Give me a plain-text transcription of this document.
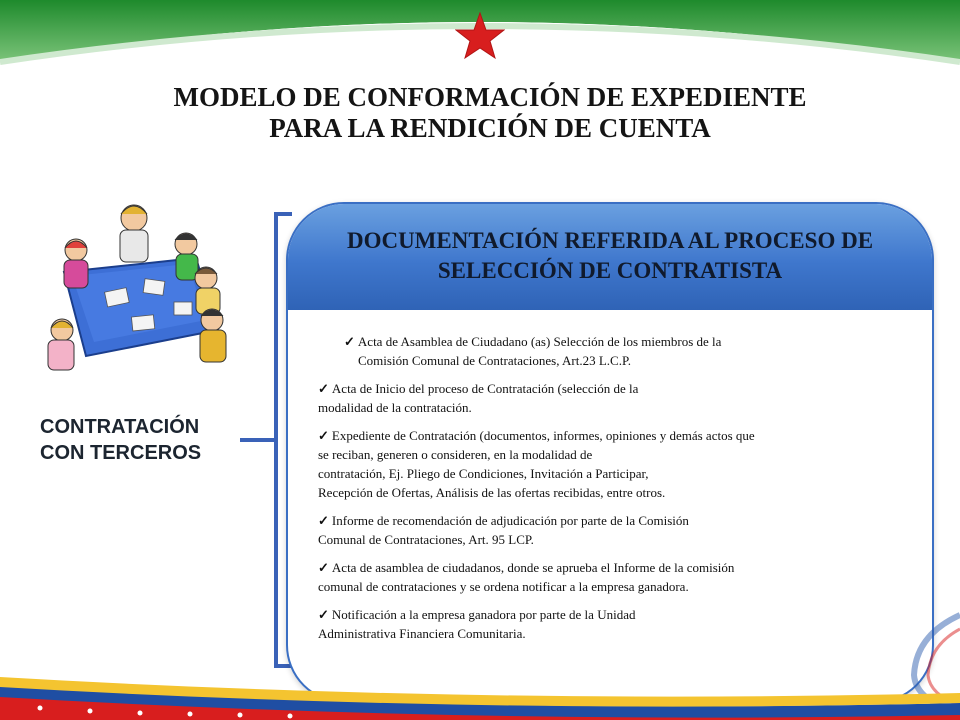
MODELO DE CONFORMACIÓN DE EXPEDIENTE
PARA LA RENDICIÓN DE CUENTA
CONTRATACIÓN
CON TERCEROS
DOCUMENTACIÓN REFERIDA AL PROCESO DE
SELECCIÓN DE CONTRATISTA

✓ Acta de Asamblea de Ciudadano (as) Selección de los miembros de la

Comisión Comunal de Contrataciones, Art.23 L.C.P.

✓ Acta de Inicio del proceso de Contratación (selección de la

modalidad de la contratación.

✓ Expediente de Contratación (documentos, informes, opiniones y demás actos que

se reciban, generen o consideren, en la modalidad de

contratación, Ej. Pliego de Condiciones, Invitación a Participar,

Recepción de Ofertas, Análisis de las ofertas recibidas, entre otros.

✓ Informe de recomendación de adjudicación por parte de la Comisión

Comunal de Contrataciones, Art. 95 LCP.

✓ Acta de asamblea de ciudadanos, donde se aprueba el Informe de la comisión

comunal de contrataciones y se ordena notificar a la empresa ganadora.

✓ Notificación a la empresa ganadora por parte de la Unidad

Administrativa Financiera Comunitaria.
